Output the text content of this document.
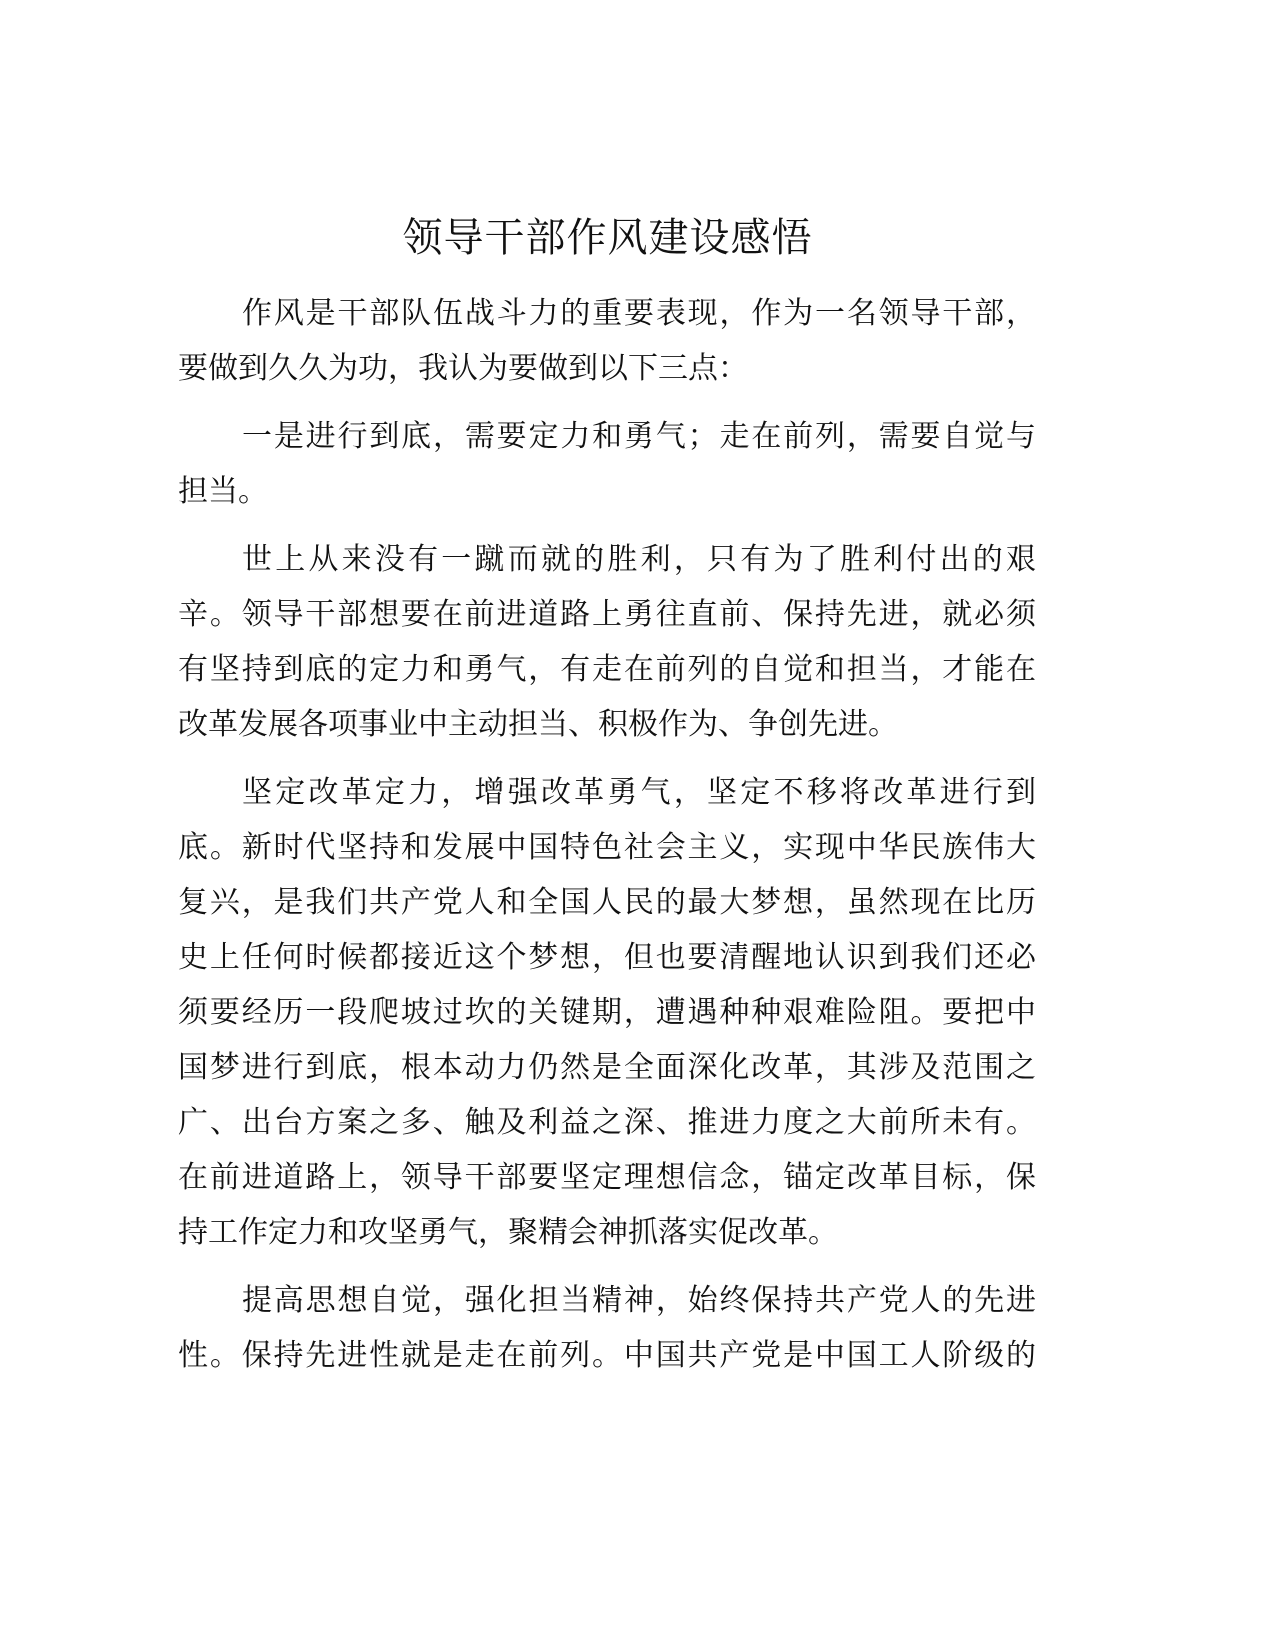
领导干部作风建设感悟
作风是干部队伍战斗力的重要表现，作为一名领导干部，
要做到久久为功，我认为要做到以下三点：
一是进行到底，需要定力和勇气；走在前列，需要自觉与
担当。
世上从来没有一蹴而就的胜利，只有为了胜利付出的艰
辛。领导干部想要在前进道路上勇往直前、保持先进，就必须
有坚持到底的定力和勇气，有走在前列的自觉和担当，才能在
改革发展各项事业中主动担当、积极作为、争创先进。
坚定改革定力，增强改革勇气，坚定不移将改革进行到
底。新时代坚持和发展中国特色社会主义，实现中华民族伟大
复兴，是我们共产党人和全国人民的最大梦想，虽然现在比历
史上任何时候都接近这个梦想，但也要清醒地认识到我们还必
须要经历一段爬坡过坎的关键期，遭遇种种艰难险阻。要把中
国梦进行到底，根本动力仍然是全面深化改革，其涉及范围之
广、出台方案之多、触及利益之深、推进力度之大前所未有。
在前进道路上，领导干部要坚定理想信念，锚定改革目标，保
持工作定力和攻坚勇气，聚精会神抓落实促改革。
提高思想自觉，强化担当精神，始终保持共产党人的先进
性。保持先进性就是走在前列。中国共产党是中国工人阶级的
